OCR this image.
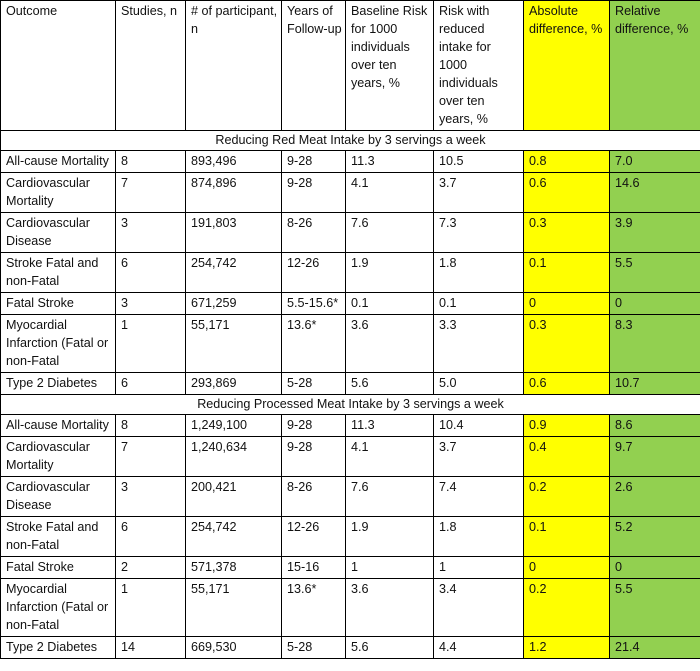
Outcome	Studies, n	# of participant, n	Years of Follow-up	Baseline Risk for 1000 individuals over ten years, %	Risk with reduced intake for 1000 individuals over ten years, %	Absolute difference, %	Relative difference, %
Reducing Red Meat Intake by 3 servings a week							
All-cause Mortality	8	893,496	9-28	11.3	10.5	0.8	7.0
Cardiovascular Mortality	7	874,896	9-28	4.1	3.7	0.6	14.6
Cardiovascular Disease	3	191,803	8-26	7.6	7.3	0.3	3.9
Stroke Fatal and non-Fatal	6	254,742	12-26	1.9	1.8	0.1	5.5
Fatal Stroke	3	671,259	5.5-15.6*	0.1	0.1	0	0
Myocardial Infarction (Fatal or non-Fatal	1	55,171	13.6*	3.6	3.3	0.3	8.3
Type 2 Diabetes	6	293,869	5-28	5.6	5.0	0.6	10.7
Reducing Processed Meat Intake by 3 servings a week							
All-cause Mortality	8	1,249,100	9-28	11.3	10.4	0.9	8.6
Cardiovascular Mortality	7	1,240,634	9-28	4.1	3.7	0.4	9.7
Cardiovascular Disease	3	200,421	8-26	7.6	7.4	0.2	2.6
Stroke Fatal and non-Fatal	6	254,742	12-26	1.9	1.8	0.1	5.2
Fatal Stroke	2	571,378	15-16	1	1	0	0
Myocardial Infarction (Fatal or non-Fatal	1	55,171	13.6*	3.6	3.4	0.2	5.5
Type 2 Diabetes	14	669,530	5-28	5.6	4.4	1.2	21.4
